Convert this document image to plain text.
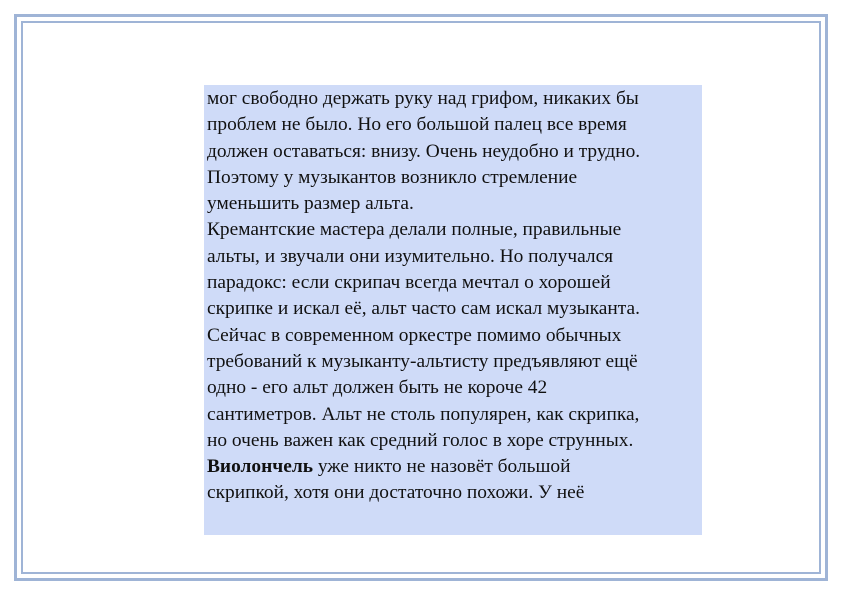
мог свободно держать руку над грифом, никаких бы
проблем не было. Но его большой палец все время
должен оставаться: внизу. Очень неудобно и трудно.
Поэтому у музыкантов возникло стремление
уменьшить размер альта.

Кремантские мастера делали полные, правильные
альты, и звучали они изумительно. Но получался
парадокс: если скрипач всегда мечтал о хорошей
скрипке и искал её, альт часто сам искал музыканта.

Сейчас в современном оркестре помимо обычных
требований к музыканту-альтисту предъявляют ещё
одно - его альт должен быть не короче 42
сантиметров. Альт не столь популярен, как скрипка,
но очень важен как средний голос в хоре струнных.

Виолончель уже никто не назовёт большой
скрипкой, хотя они достаточно похожи. У неё
